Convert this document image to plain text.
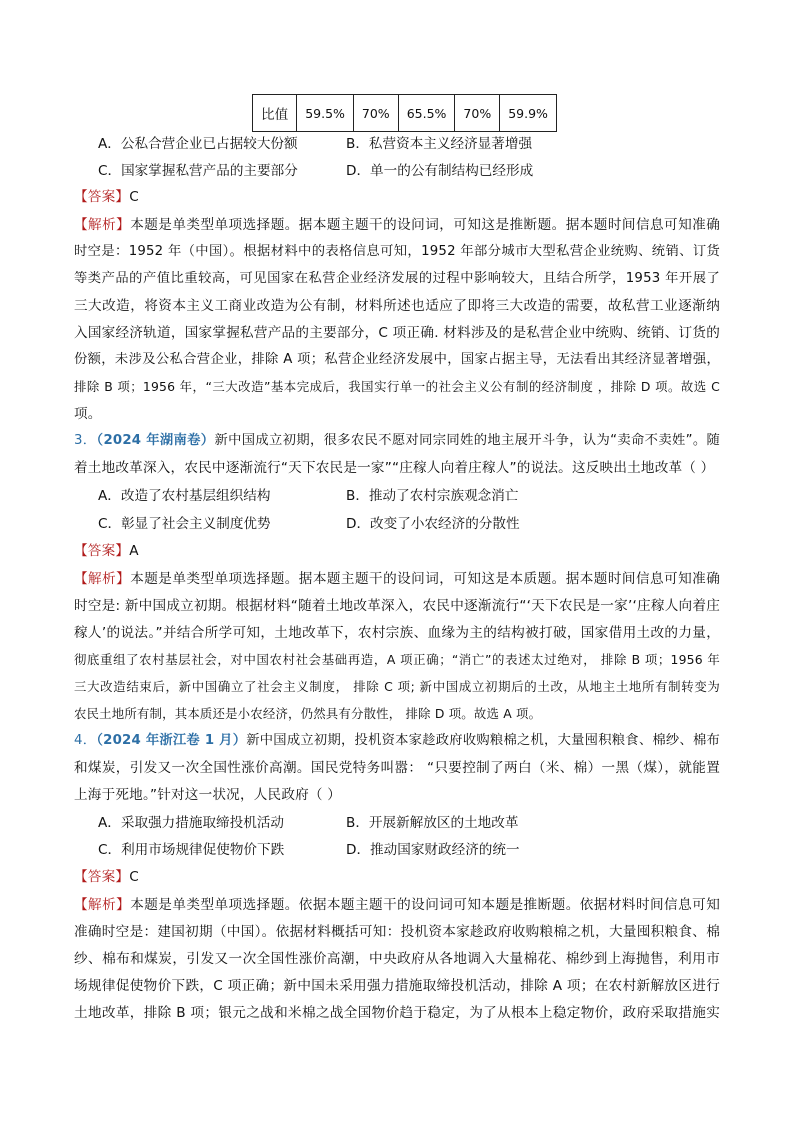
比值	59.5%	70%	65.5%	70%	59.9%
A．公私合营企业已占据较大份额	B．私营资本主义经济显著增强
C．国家掌握私营产品的主要部分	D．单一的公有制结构已经形成
【答案】C
【解析】本题是单类型单项选择题。据本题主题干的设问词，可知这是推断题。据本题时间信息可知准确
时空是：1952 年（中国）。根据材料中的表格信息可知，1952 年部分城市大型私营企业统购、统销、订货
等类产品的产值比重较高，可见国家在私营企业经济发展的过程中影响较大，且结合所学，1953 年开展了
三大改造，将资本主义工商业改造为公有制，材料所述也适应了即将三大改造的需要，故私营工业逐渐纳
入国家经济轨道，国家掌握私营产品的主要部分，C 项正确. 材料涉及的是私营企业中统购、统销、订货的
份额，未涉及公私合营企业，排除 A 项；私营企业经济发展中，国家占据主导，无法看出其经济显著增强，
排除 B 项；1956 年，“三大改造”基本完成后，我国实行单一的社会主义公有制的经济制度 ，排除 D 项。故选 C
项。
3．（2024 年湖南卷）新中国成立初期，很多农民不愿对同宗同姓的地主展开斗争，认为“卖命不卖姓”。随
着土地改革深入，农民中逐渐流行“天下农民是一家”“庄稼人向着庄稼人”的说法。这反映出土地改革（ ）
A．改造了农村基层组织结构	B．推动了农村宗族观念消亡
C．彰显了社会主义制度优势	D．改变了小农经济的分散性
【答案】A
【解析】本题是单类型单项选择题。据本题主题干的设问词，可知这是本质题。据本题时间信息可知准确
时空是: 新中国成立初期。根据材料“随着土地改革深入，农民中逐渐流行“‘天下农民是一家’‘庄稼人向着庄
稼人’的说法。”并结合所学可知，土地改革下，农村宗族、血缘为主的结构被打破，国家借用土改的力量，
彻底重组了农村基层社会，对中国农村社会基础再造，A 项正确；“消亡”的表述太过绝对， 排除 B 项；1956 年
三大改造结束后，新中国确立了社会主义制度， 排除 C 项; 新中国成立初期后的土改，从地主土地所有制转变为
农民土地所有制，其本质还是小农经济，仍然具有分散性， 排除 D 项。故选 A 项。
4．（2024 年浙江卷 1 月）新中国成立初期，投机资本家趁政府收购粮棉之机，大量囤积粮食、棉纱、棉布
和煤炭，引发又一次全国性涨价高潮。国民党特务叫嚣： “只要控制了两白（米、棉）一黑（煤），就能置
上海于死地。”针对这一状况，人民政府（ ）
A．采取强力措施取缔投机活动	B．开展新解放区的土地改革
C．利用市场规律促使物价下跌	D．推动国家财政经济的统一
【答案】C
【解析】本题是单类型单项选择题。依据本题主题干的设问词可知本题是推断题。依据材料时间信息可知
准确时空是：建国初期（中国）。依据材料概括可知：投机资本家趁政府收购粮棉之机，大量囤积粮食、棉
纱、棉布和煤炭，引发又一次全国性涨价高潮，中央政府从各地调入大量棉花、棉纱到上海抛售，利用市
场规律促使物价下跌，C 项正确；新中国未采用强力措施取缔投机活动，排除 A 项；在农村新解放区进行
土地改革，排除 B 项；银元之战和米棉之战全国物价趋于稳定，为了从根本上稳定物价，政府采取措施实
